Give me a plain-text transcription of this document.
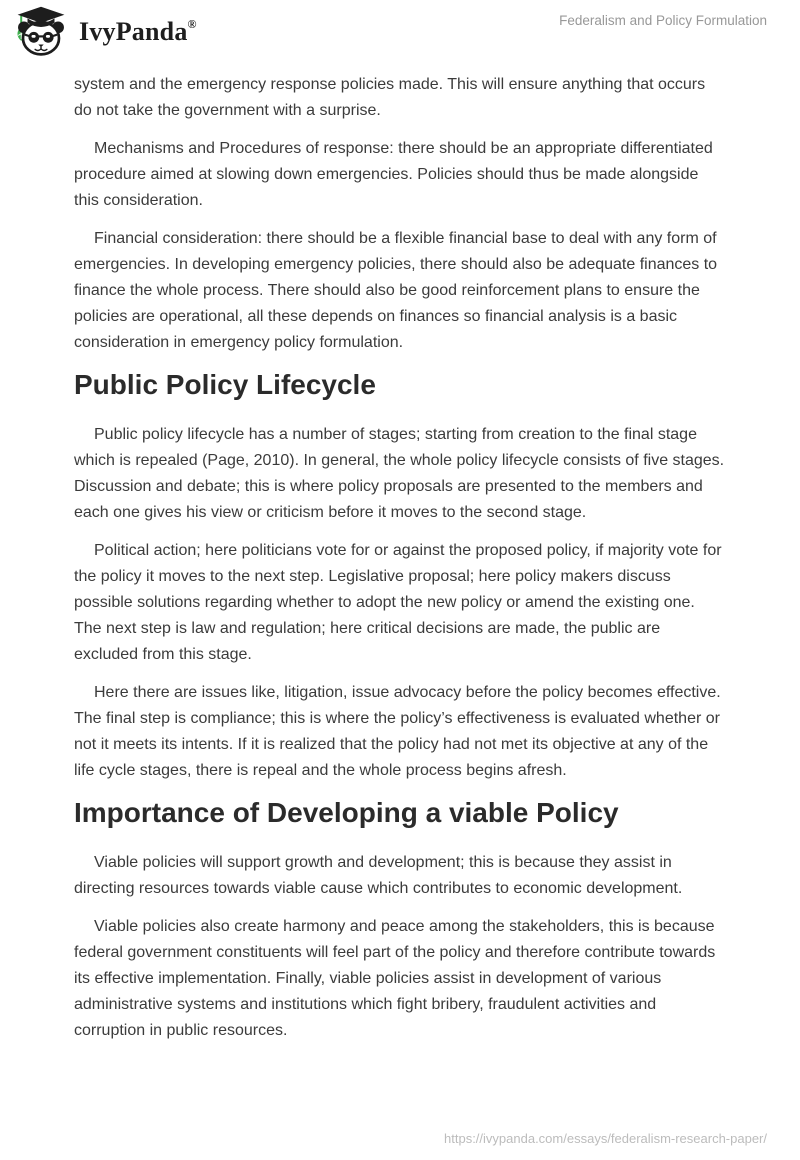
IvyPanda®	Federalism and Policy Formulation

system and the emergency response policies made. This will ensure anything that occurs do not take the government with a surprise.

Mechanisms and Procedures of response: there should be an appropriate differentiated procedure aimed at slowing down emergencies. Policies should thus be made alongside this consideration.

Financial consideration: there should be a flexible financial base to deal with any form of emergencies. In developing emergency policies, there should also be adequate finances to finance the whole process. There should also be good reinforcement plans to ensure the policies are operational, all these depends on finances so financial analysis is a basic consideration in emergency policy formulation.

Public Policy Lifecycle

Public policy lifecycle has a number of stages; starting from creation to the final stage which is repealed (Page, 2010). In general, the whole policy lifecycle consists of five stages. Discussion and debate; this is where policy proposals are presented to the members and each one gives his view or criticism before it moves to the second stage.

Political action; here politicians vote for or against the proposed policy, if majority vote for the policy it moves to the next step. Legislative proposal; here policy makers discuss possible solutions regarding whether to adopt the new policy or amend the existing one. The next step is law and regulation; here critical decisions are made, the public are excluded from this stage.

Here there are issues like, litigation, issue advocacy before the policy becomes effective. The final step is compliance; this is where the policy’s effectiveness is evaluated whether or not it meets its intents. If it is realized that the policy had not met its objective at any of the life cycle stages, there is repeal and the whole process begins afresh.

Importance of Developing a viable Policy

Viable policies will support growth and development; this is because they assist in directing resources towards viable cause which contributes to economic development.

Viable policies also create harmony and peace among the stakeholders, this is because federal government constituents will feel part of the policy and therefore contribute towards its effective implementation. Finally, viable policies assist in development of various administrative systems and institutions which fight bribery, fraudulent activities and corruption in public resources.

https://ivypanda.com/essays/federalism-research-paper/
